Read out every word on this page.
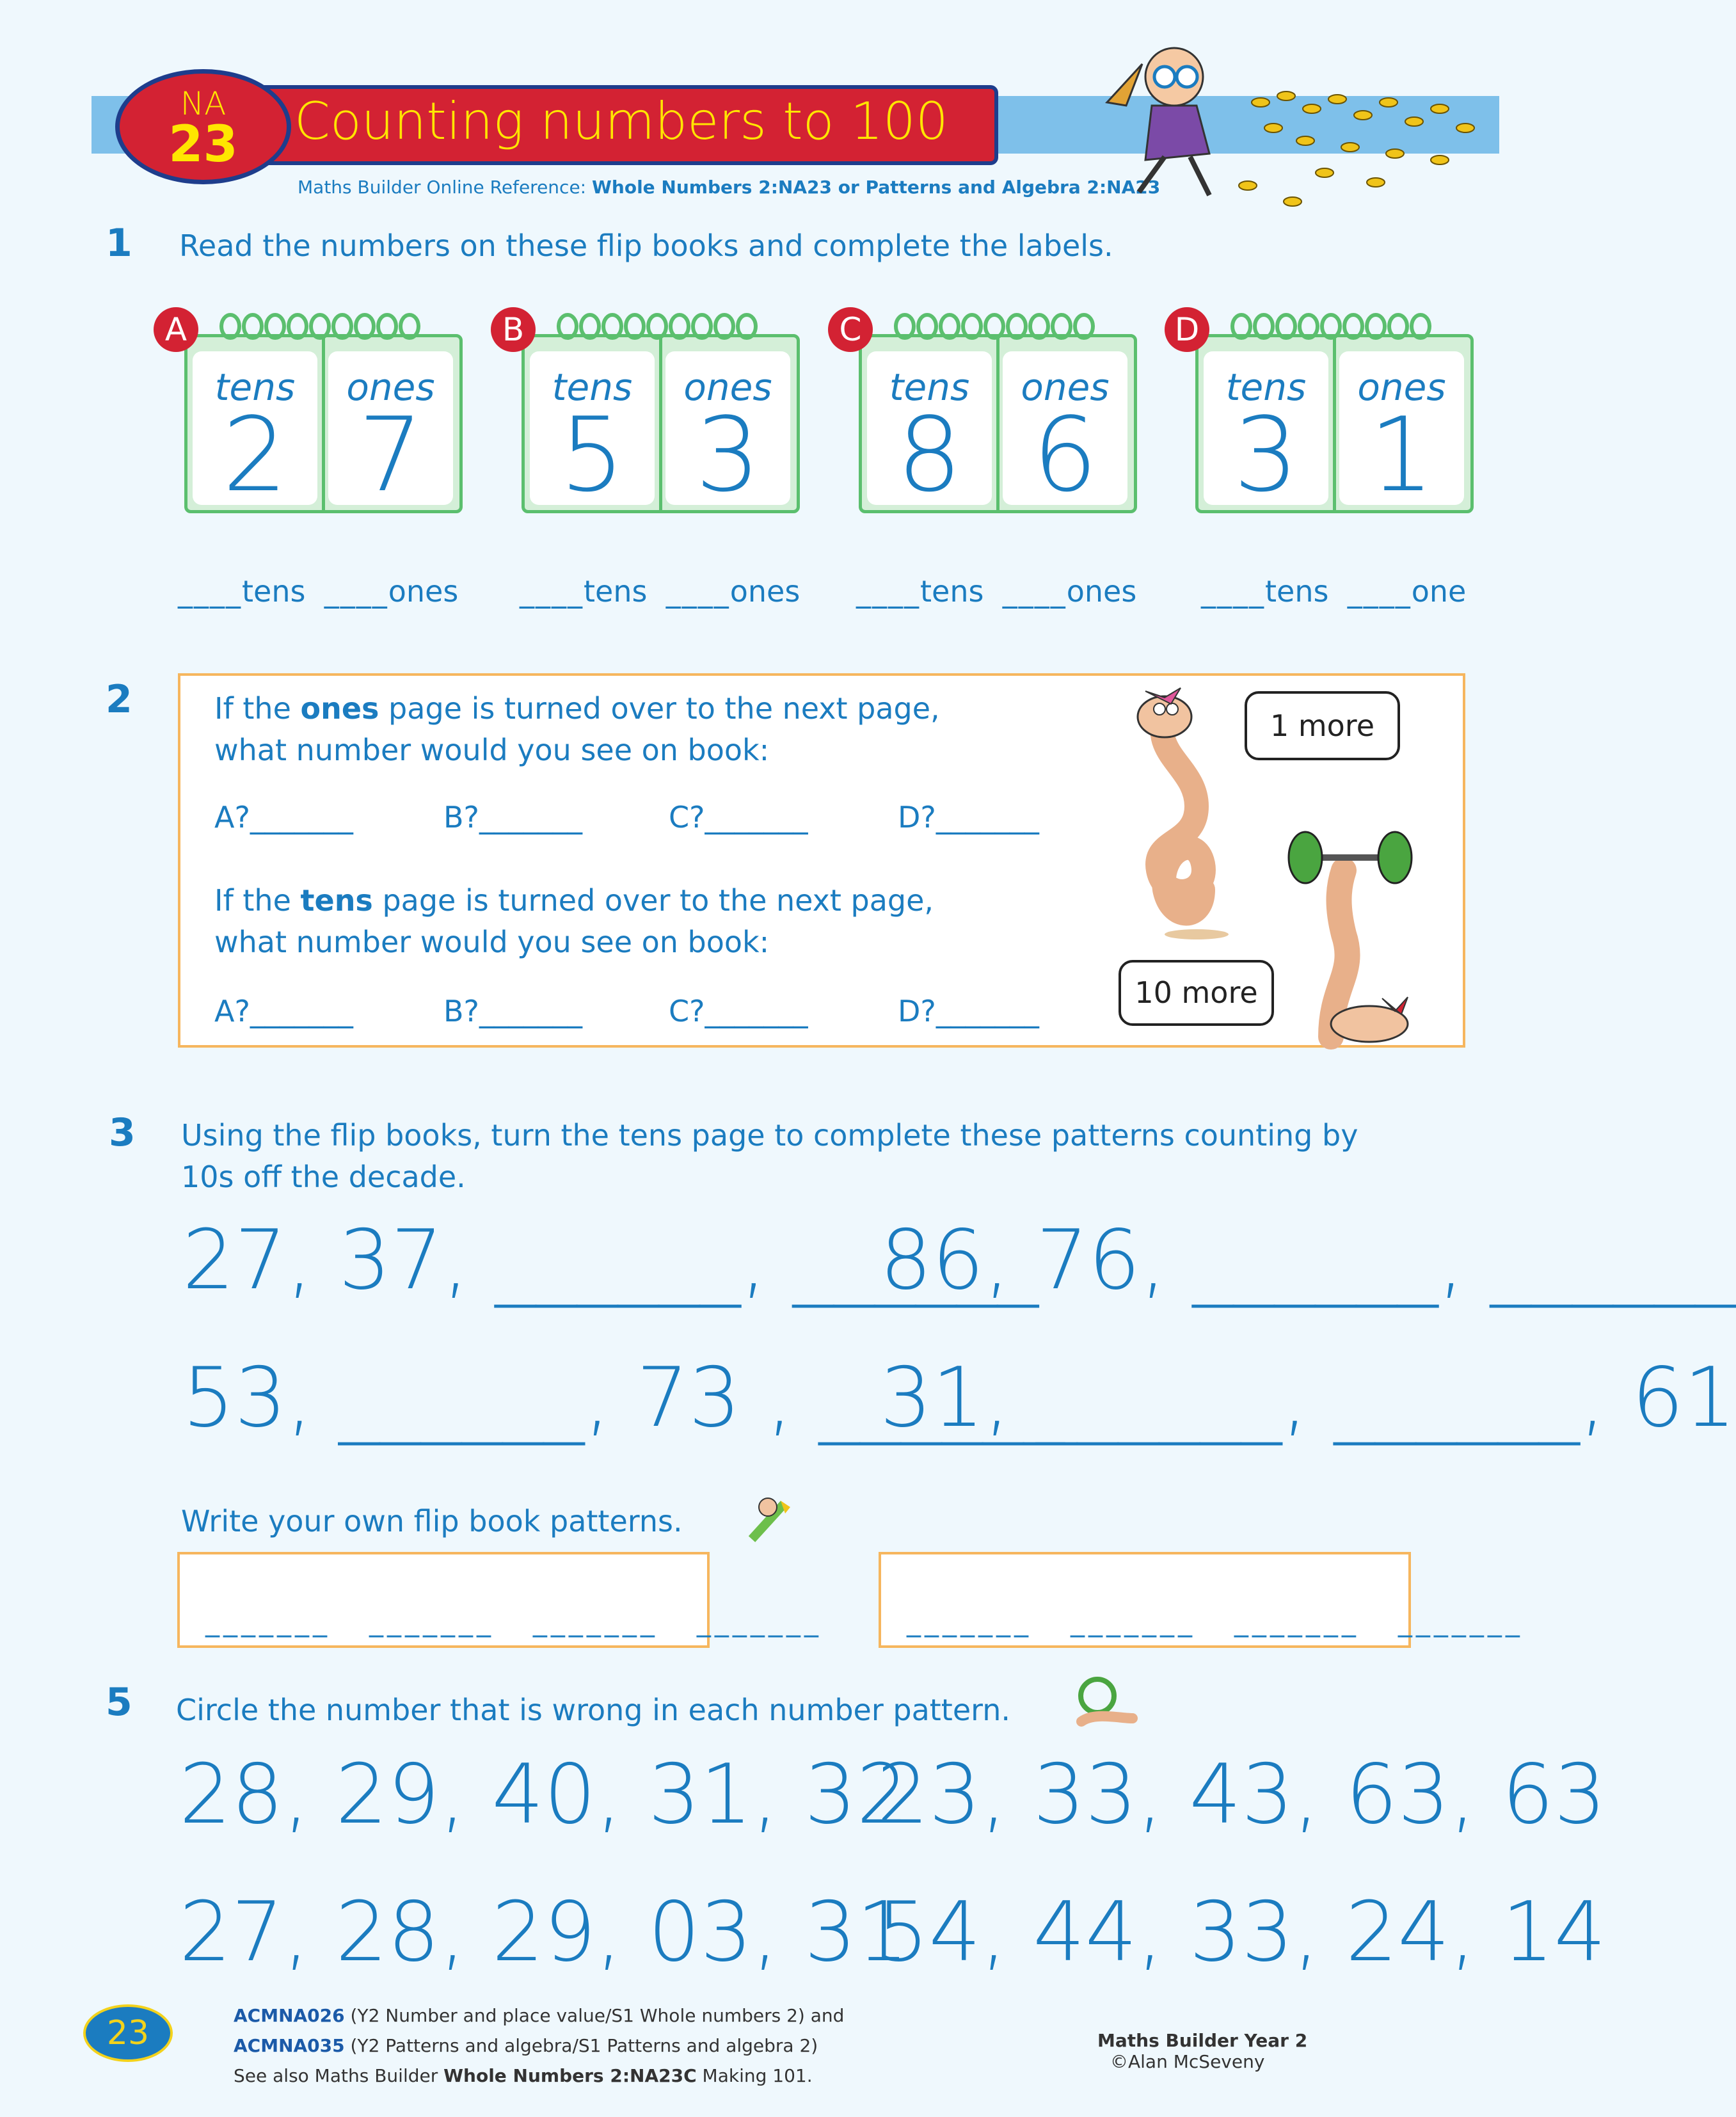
NA
23	Counting numbers to 100
Maths Builder Online Reference: Whole Numbers 2:NA23 or Patterns and Algebra 2:NA23
1 Read the numbers on these flip books and complete the labels.
tens
2
ones
7
tens
5
ones
3
tens
8
ones
6
tens
3
ones
1
A	B	C	D
____tens ____ones ____tens ____ones ____tens ____ones ____tens ____one
2	If the ones page is turned over to the next page,
what number would you see on book:
A?_______	B?_______	C?_______	D?_______
If the tens page is turned over to the next page,
what number would you see on book:
A?_______	B?_______	C?_______	D?_______
1 more
10 more
3 Using the flip books, turn the tens page to complete these patterns counting by
10s off the decade.
27, 37, ______, ______
86, 76, ______, ______
53, ______, 73 , ______
31, ______, ______, 61
Write your own flip book patterns.
_______   _______   _______   _______	_______   _______   _______   _______
5 Circle the number that is wrong in each number pattern.
28, 29, 40, 31, 32
23, 33, 43, 63, 63
27, 28, 29, 03, 31
54, 44, 33, 24, 14
23	ACMNA026 (Y2 Number and place value/S1 Whole numbers 2) and
ACMNA035 (Y2 Patterns and algebra/S1 Patterns and algebra 2)
See also Maths Builder Whole Numbers 2:NA23C Making 101.
Maths Builder Year 2
©Alan McSeveny
